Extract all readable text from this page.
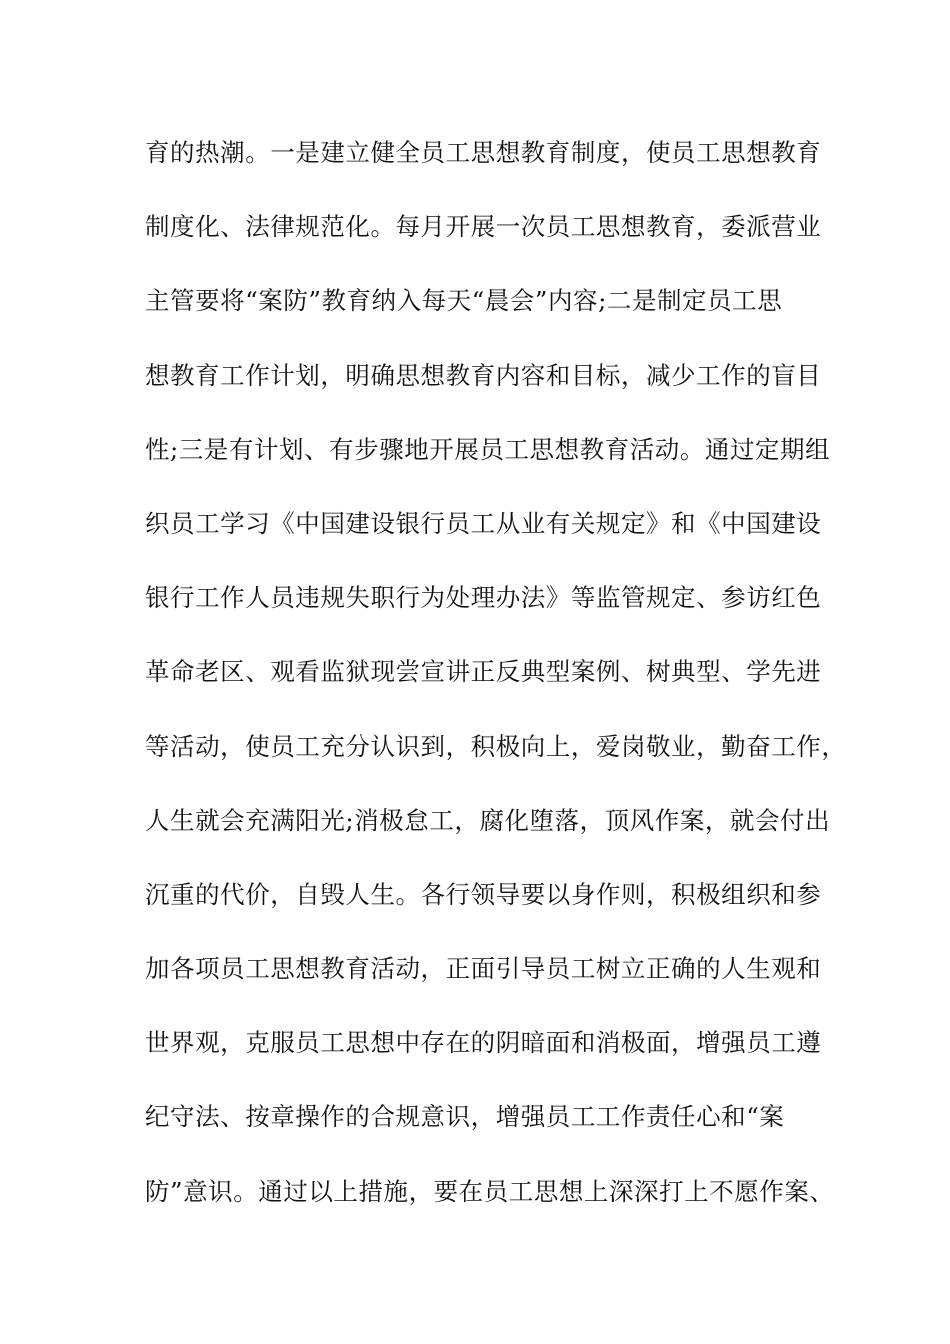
育的热潮。一是建立健全员工思想教育制度，使员工思想教育
制度化、法律规范化。每月开展一次员工思想教育，委派营业
主管要将“案防”教育纳入每天“晨会”内容;二是制定员工思
想教育工作计划，明确思想教育内容和目标，减少工作的盲目
性;三是有计划、有步骤地开展员工思想教育活动。通过定期组
织员工学习《中国建设银行员工从业有关规定》和《中国建设
银行工作人员违规失职行为处理办法》等监管规定、参访红色
革命老区、观看监狱现尝宣讲正反典型案例、树典型、学先进
等活动，使员工充分认识到，积极向上，爱岗敬业，勤奋工作，
人生就会充满阳光;消极怠工，腐化堕落，顶风作案，就会付出
沉重的代价，自毁人生。各行领导要以身作则，积极组织和参
加各项员工思想教育活动，正面引导员工树立正确的人生观和
世界观，克服员工思想中存在的阴暗面和消极面，增强员工遵
纪守法、按章操作的合规意识，增强员工工作责任心和“案
防”意识。通过以上措施，要在员工思想上深深打上不愿作案、
